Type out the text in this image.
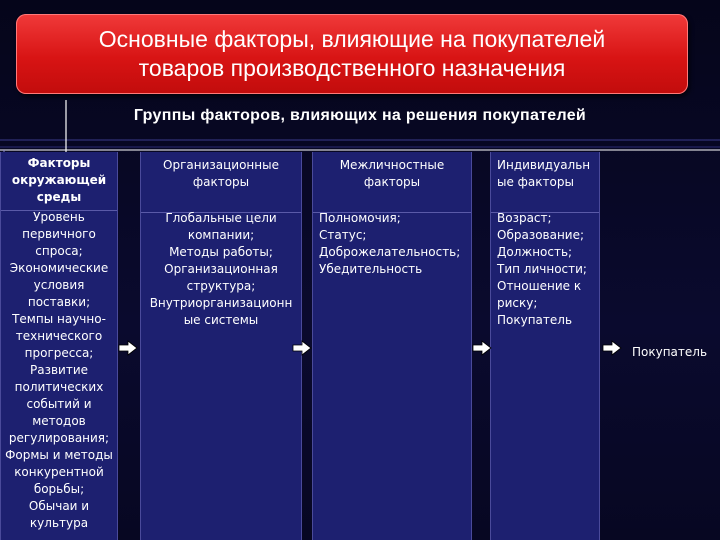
Основные факторы, влияющие на покупателей
товаров производственного назначения
Группы факторов, влияющих на решения покупателей
Факторы
окружающей
среды
Уровень
первичного
спроса;
Экономические
условия
поставки;
Темпы научно-
технического
прогресса;
Развитие
политических
событий и
методов
регулирования;
Формы и методы
конкурентной
борьбы;
Обычаи и
культура
Организационные
факторы
Глобальные цели
компании;
Методы работы;
Организационная
структура;
Внутриорганизационн
ые системы
Межличностные
факторы
Полномочия;
Статус;
Доброжелательность;
Убедительность
Индивидуальн
ые факторы
Возраст;
Образование;
Должность;
Тип личности;
Отношение к
риску;
Покупатель
Покупатель
